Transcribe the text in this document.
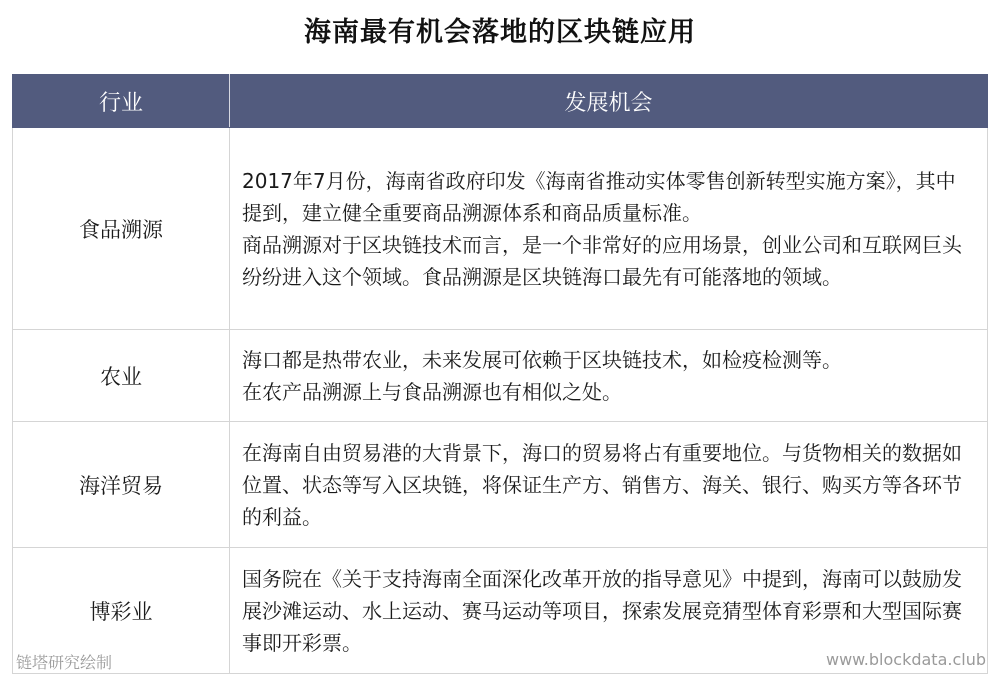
海南最有机会落地的区块链应用
行业	发展机会
食品溯源	2017年7月份，海南省政府印发《海南省推动实体零售创新转型实施方案》，其中提到，建立健全重要商品溯源体系和商品质量标准。
商品溯源对于区块链技术而言，是一个非常好的应用场景，创业公司和互联网巨头纷纷进入这个领域。食品溯源是区块链海口最先有可能落地的领域。

农业	海口都是热带农业，未来发展可依赖于区块链技术，如检疫检测等。
在农产品溯源上与食品溯源也有相似之处。

海洋贸易	在海南自由贸易港的大背景下，海口的贸易将占有重要地位。与货物相关的数据如位置、状态等写入区块链，将保证生产方、销售方、海关、银行、购买方等各环节的利益。

博彩业	国务院在《关于支持海南全面深化改革开放的指导意见》中提到，海南可以鼓励发展沙滩运动、水上运动、赛马运动等项目，探索发展竞猜型体育彩票和大型国际赛事即开彩票。
链塔研究绘制	www.blockdata.club
